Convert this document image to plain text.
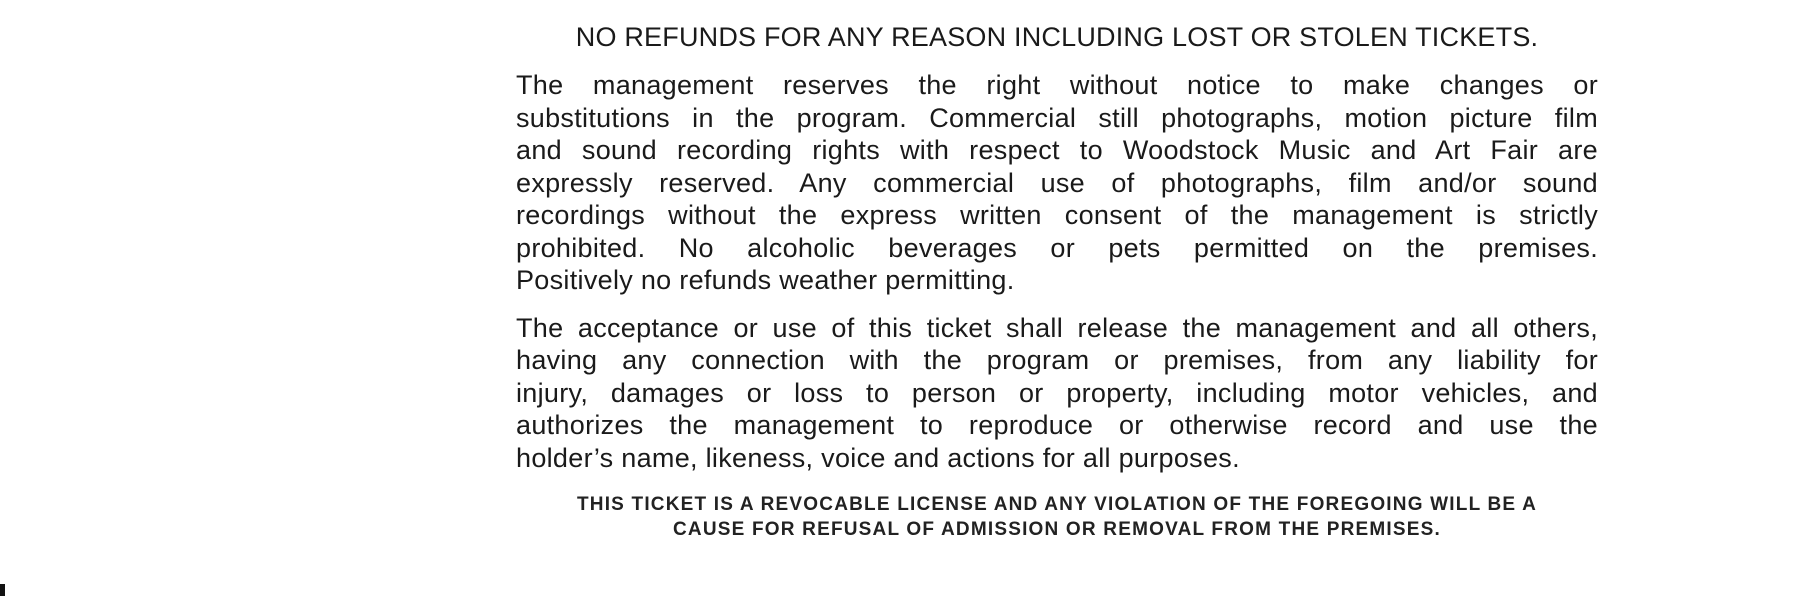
NO REFUNDS FOR ANY REASON INCLUDING LOST OR STOLEN TICKETS.
The management reserves the right without notice to make changes or
substitutions in the program. Commercial still photographs, motion picture film
and sound recording rights with respect to Woodstock Music and Art Fair are
expressly reserved. Any commercial use of photographs, film and/or sound
recordings without the express written consent of the management is strictly
prohibited. No alcoholic beverages or pets permitted on the premises.
Positively no refunds weather permitting.
The acceptance or use of this ticket shall release the management and all others,
having any connection with the program or premises, from any liability for
injury, damages or loss to person or property, including motor vehicles, and
authorizes the management to reproduce or otherwise record and use the
holder’s name, likeness, voice and actions for all purposes.
THIS TICKET IS A REVOCABLE LICENSE AND ANY VIOLATION OF THE FOREGOING WILL BE A
CAUSE FOR REFUSAL OF ADMISSION OR REMOVAL FROM THE PREMISES.
